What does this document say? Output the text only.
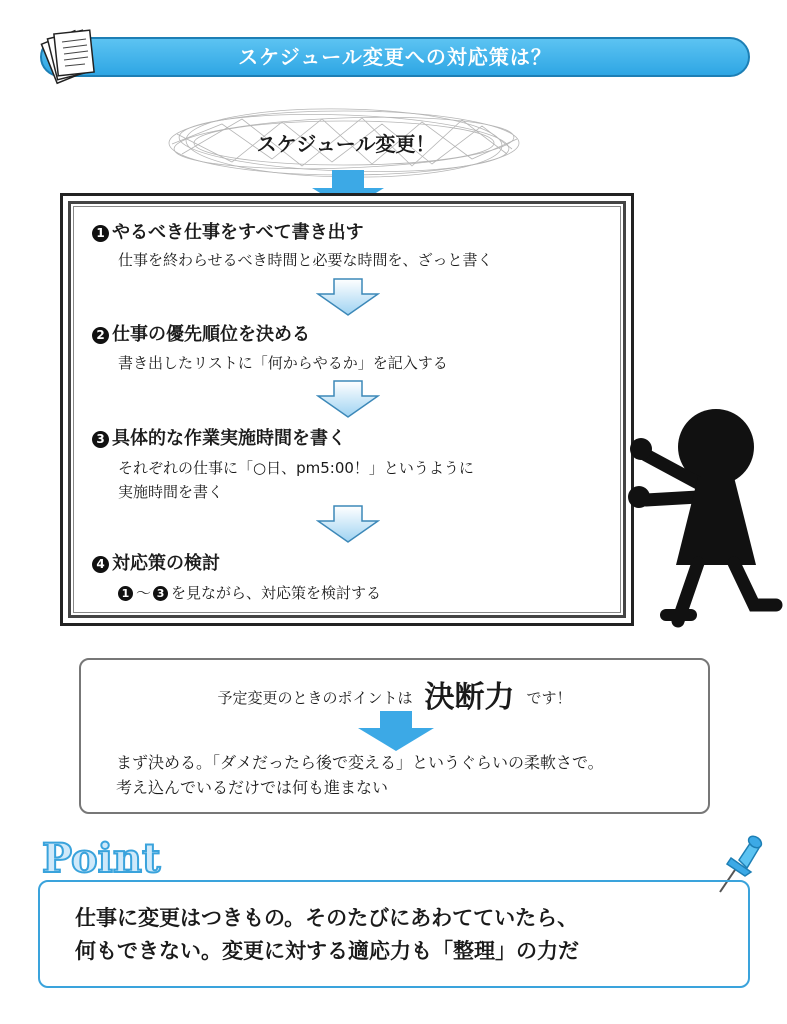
スケジュール変更への対応策は？
スケジュール変更！
1 やるべき仕事をすべて書き出す
仕事を終わらせるべき時間と必要な時間を、ざっと書く
2 仕事の優先順位を決める
書き出したリストに「何からやるか」を記入する
3 具体的な作業実施時間を書く
それぞれの仕事に「○日、pm5:00！」というように
実施時間を書く
4 対応策の検討
1 〜 3 を見ながら、対応策を検討する
予定変更のときのポイントは 決断力 です！
まず決める。「ダメだったら後で変える」というぐらいの柔軟さで。
考え込んでいるだけでは何も進まない
Point
仕事に変更はつきもの。そのたびにあわてていたら、
何もできない。変更に対する適応力も「整理」の力だ
